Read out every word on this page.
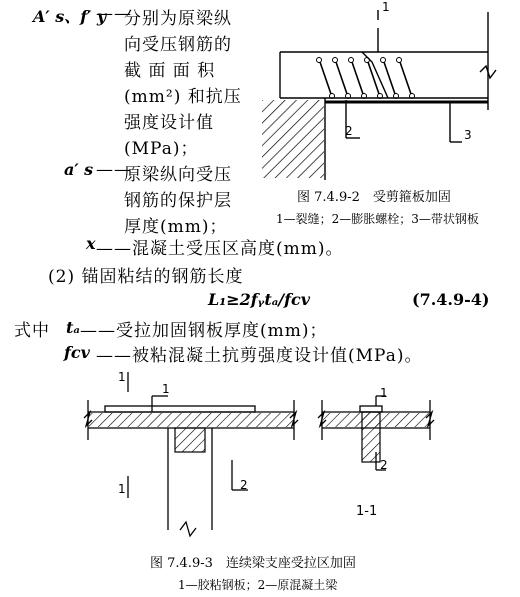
A′ s、f′ y
——
分别为原梁纵
向受压钢筋的
截 面 面 积
(mm²) 和抗压
强度设计值
(MPa)；
a′ s ——
原梁纵向受压
钢筋的保护层
厚度(mm)；
x ——混凝土受压区高度(mm)。
(2) 锚固粘结的钢筋长度
L₁≥2fᵧtₐ/fcv	(7.4.9-4)
式中 tₐ ——受拉加固钢板厚度(mm)；
fcv ——被粘混凝土抗剪强度设计值(MPa)。
1
2	3
图 7.4.9-2　受剪箍板加固
1—裂缝；2—膨胀螺栓；3—带状钢板
1
1
1	2
1
2
1-1
图 7.4.9-3　连续梁支座受拉区加固
1—胶粘钢板；2—原混凝土梁
